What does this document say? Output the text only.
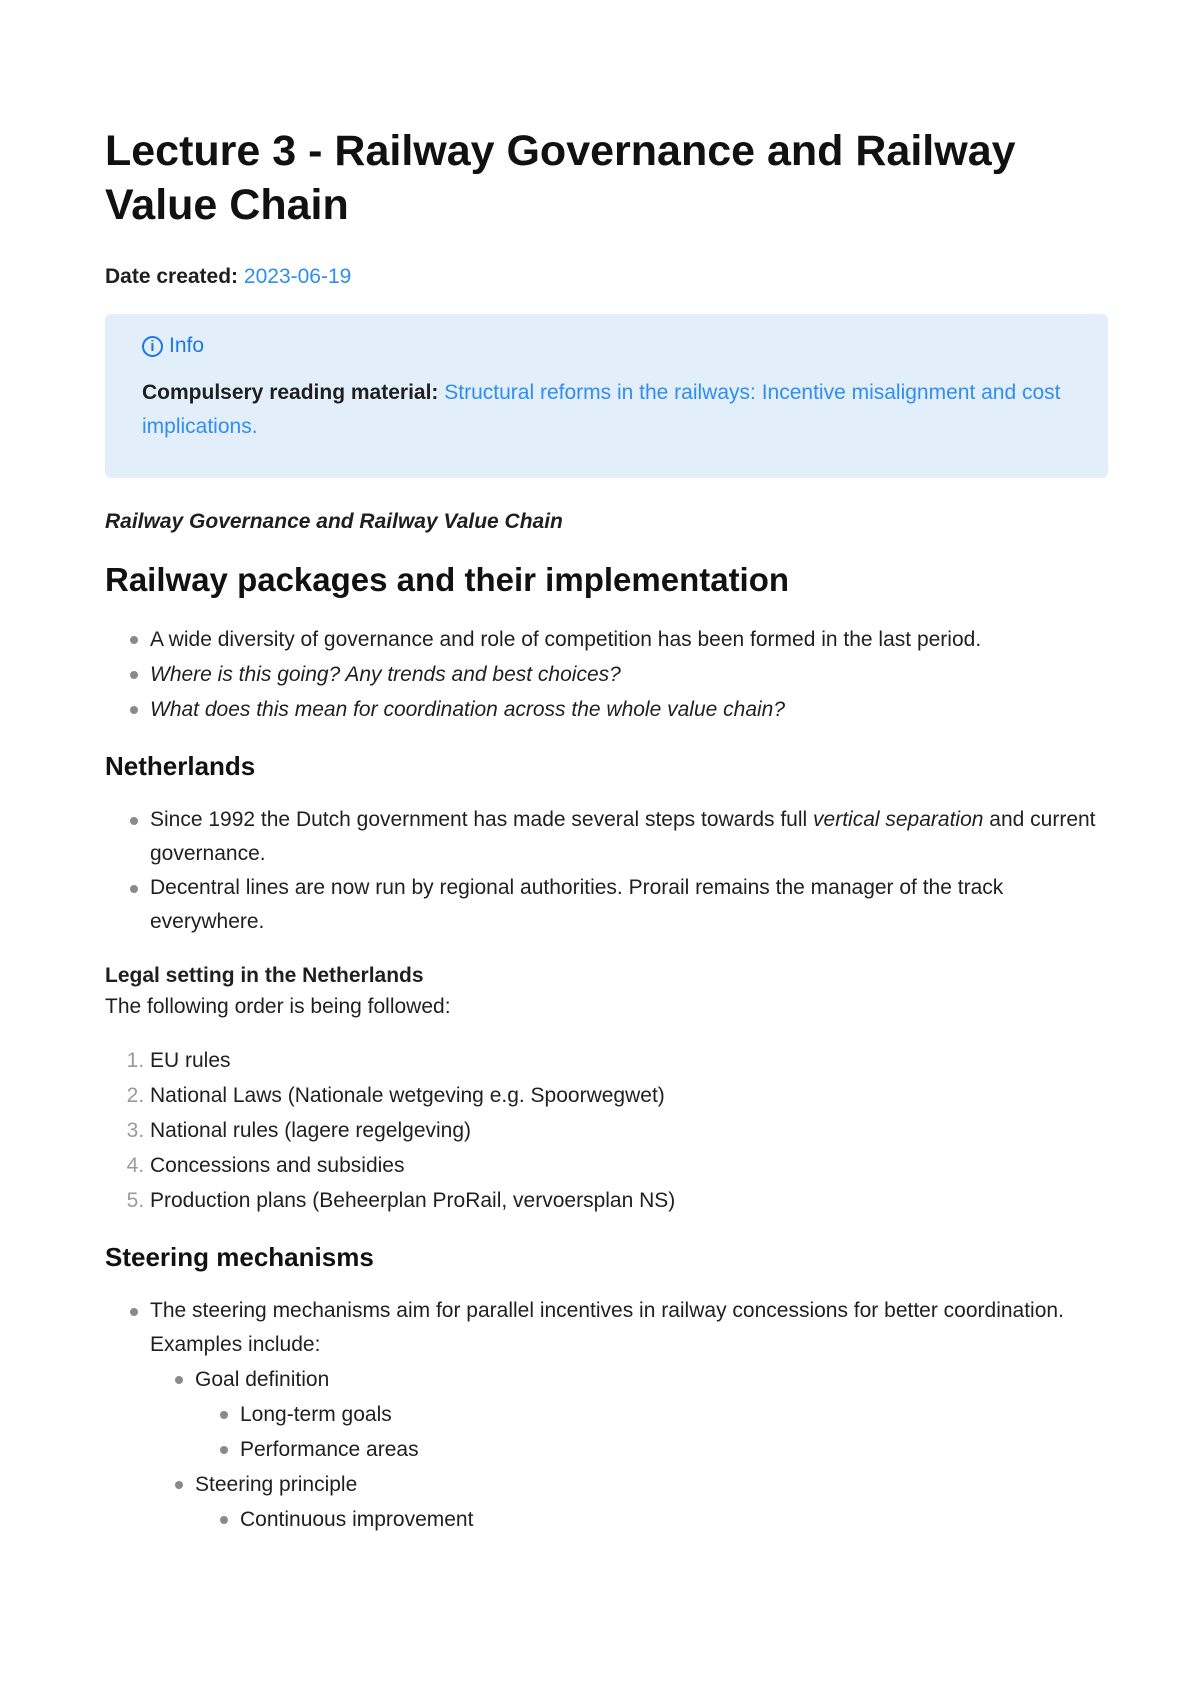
Lecture 3 - Railway Governance and Railway Value Chain
Date created: 2023-06-19
i Info
Compulsery reading material: Structural reforms in the railways: Incentive misalignment and cost implications.
Railway Governance and Railway Value Chain
Railway packages and their implementation
A wide diversity of governance and role of competition has been formed in the last period.
Where is this going? Any trends and best choices?
What does this mean for coordination across the whole value chain?
Netherlands
Since 1992 the Dutch government has made several steps towards full vertical separation and current governance.
Decentral lines are now run by regional authorities. Prorail remains the manager of the track everywhere.
Legal setting in the Netherlands

The following order is being followed:

1. EU rules
2. National Laws (Nationale wetgeving e.g. Spoorwegwet)
3. National rules (lagere regelgeving)
4. Concessions and subsidies
5. Production plans (Beheerplan ProRail, vervoersplan NS)
Steering mechanisms
The steering mechanisms aim for parallel incentives in railway concessions for better coordination. Examples include:
Goal definition
Long-term goals
Performance areas
Steering principle
Continuous improvement
